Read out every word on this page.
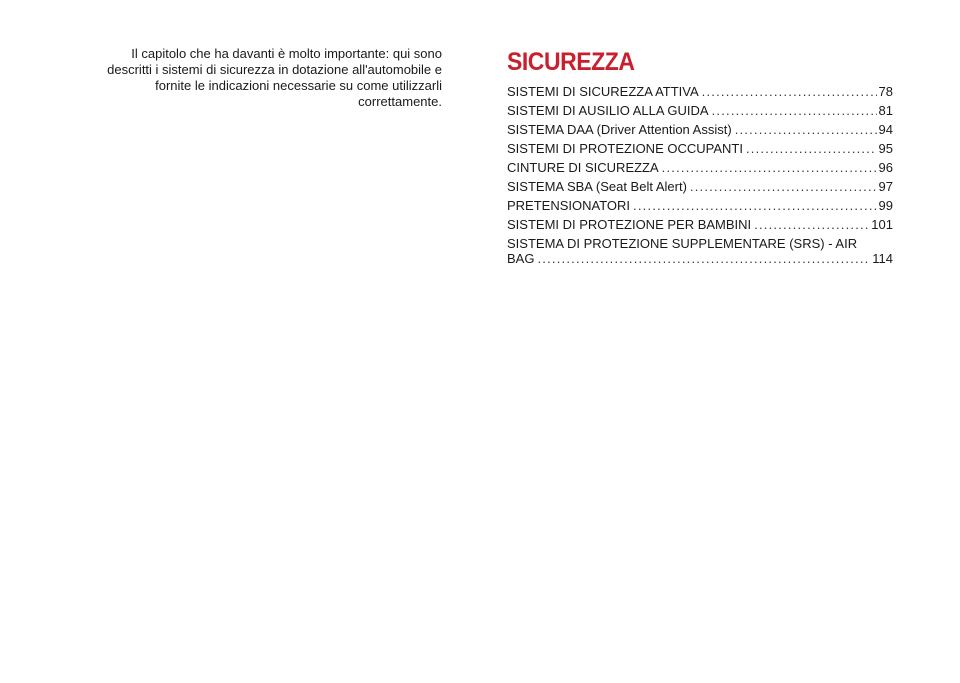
Il capitolo che ha davanti è molto importante: qui sono
descritti i sistemi di sicurezza in dotazione all'automobile e
fornite le indicazioni necessarie su come utilizzarli
correttamente.
SICUREZZA
SISTEMI DI SICUREZZA ATTIVA .....	78
SISTEMI DI AUSILIO ALLA GUIDA .....	81
SISTEMA DAA (Driver Attention Assist) .....	94
SISTEMI DI PROTEZIONE OCCUPANTI .....	95
CINTURE DI SICUREZZA .....	96
SISTEMA SBA (Seat Belt Alert) .....	97
PRETENSIONATORI .....	99
SISTEMI DI PROTEZIONE PER BAMBINI .....	101
SISTEMA DI PROTEZIONE SUPPLEMENTARE (SRS) - AIR
BAG .....	114
